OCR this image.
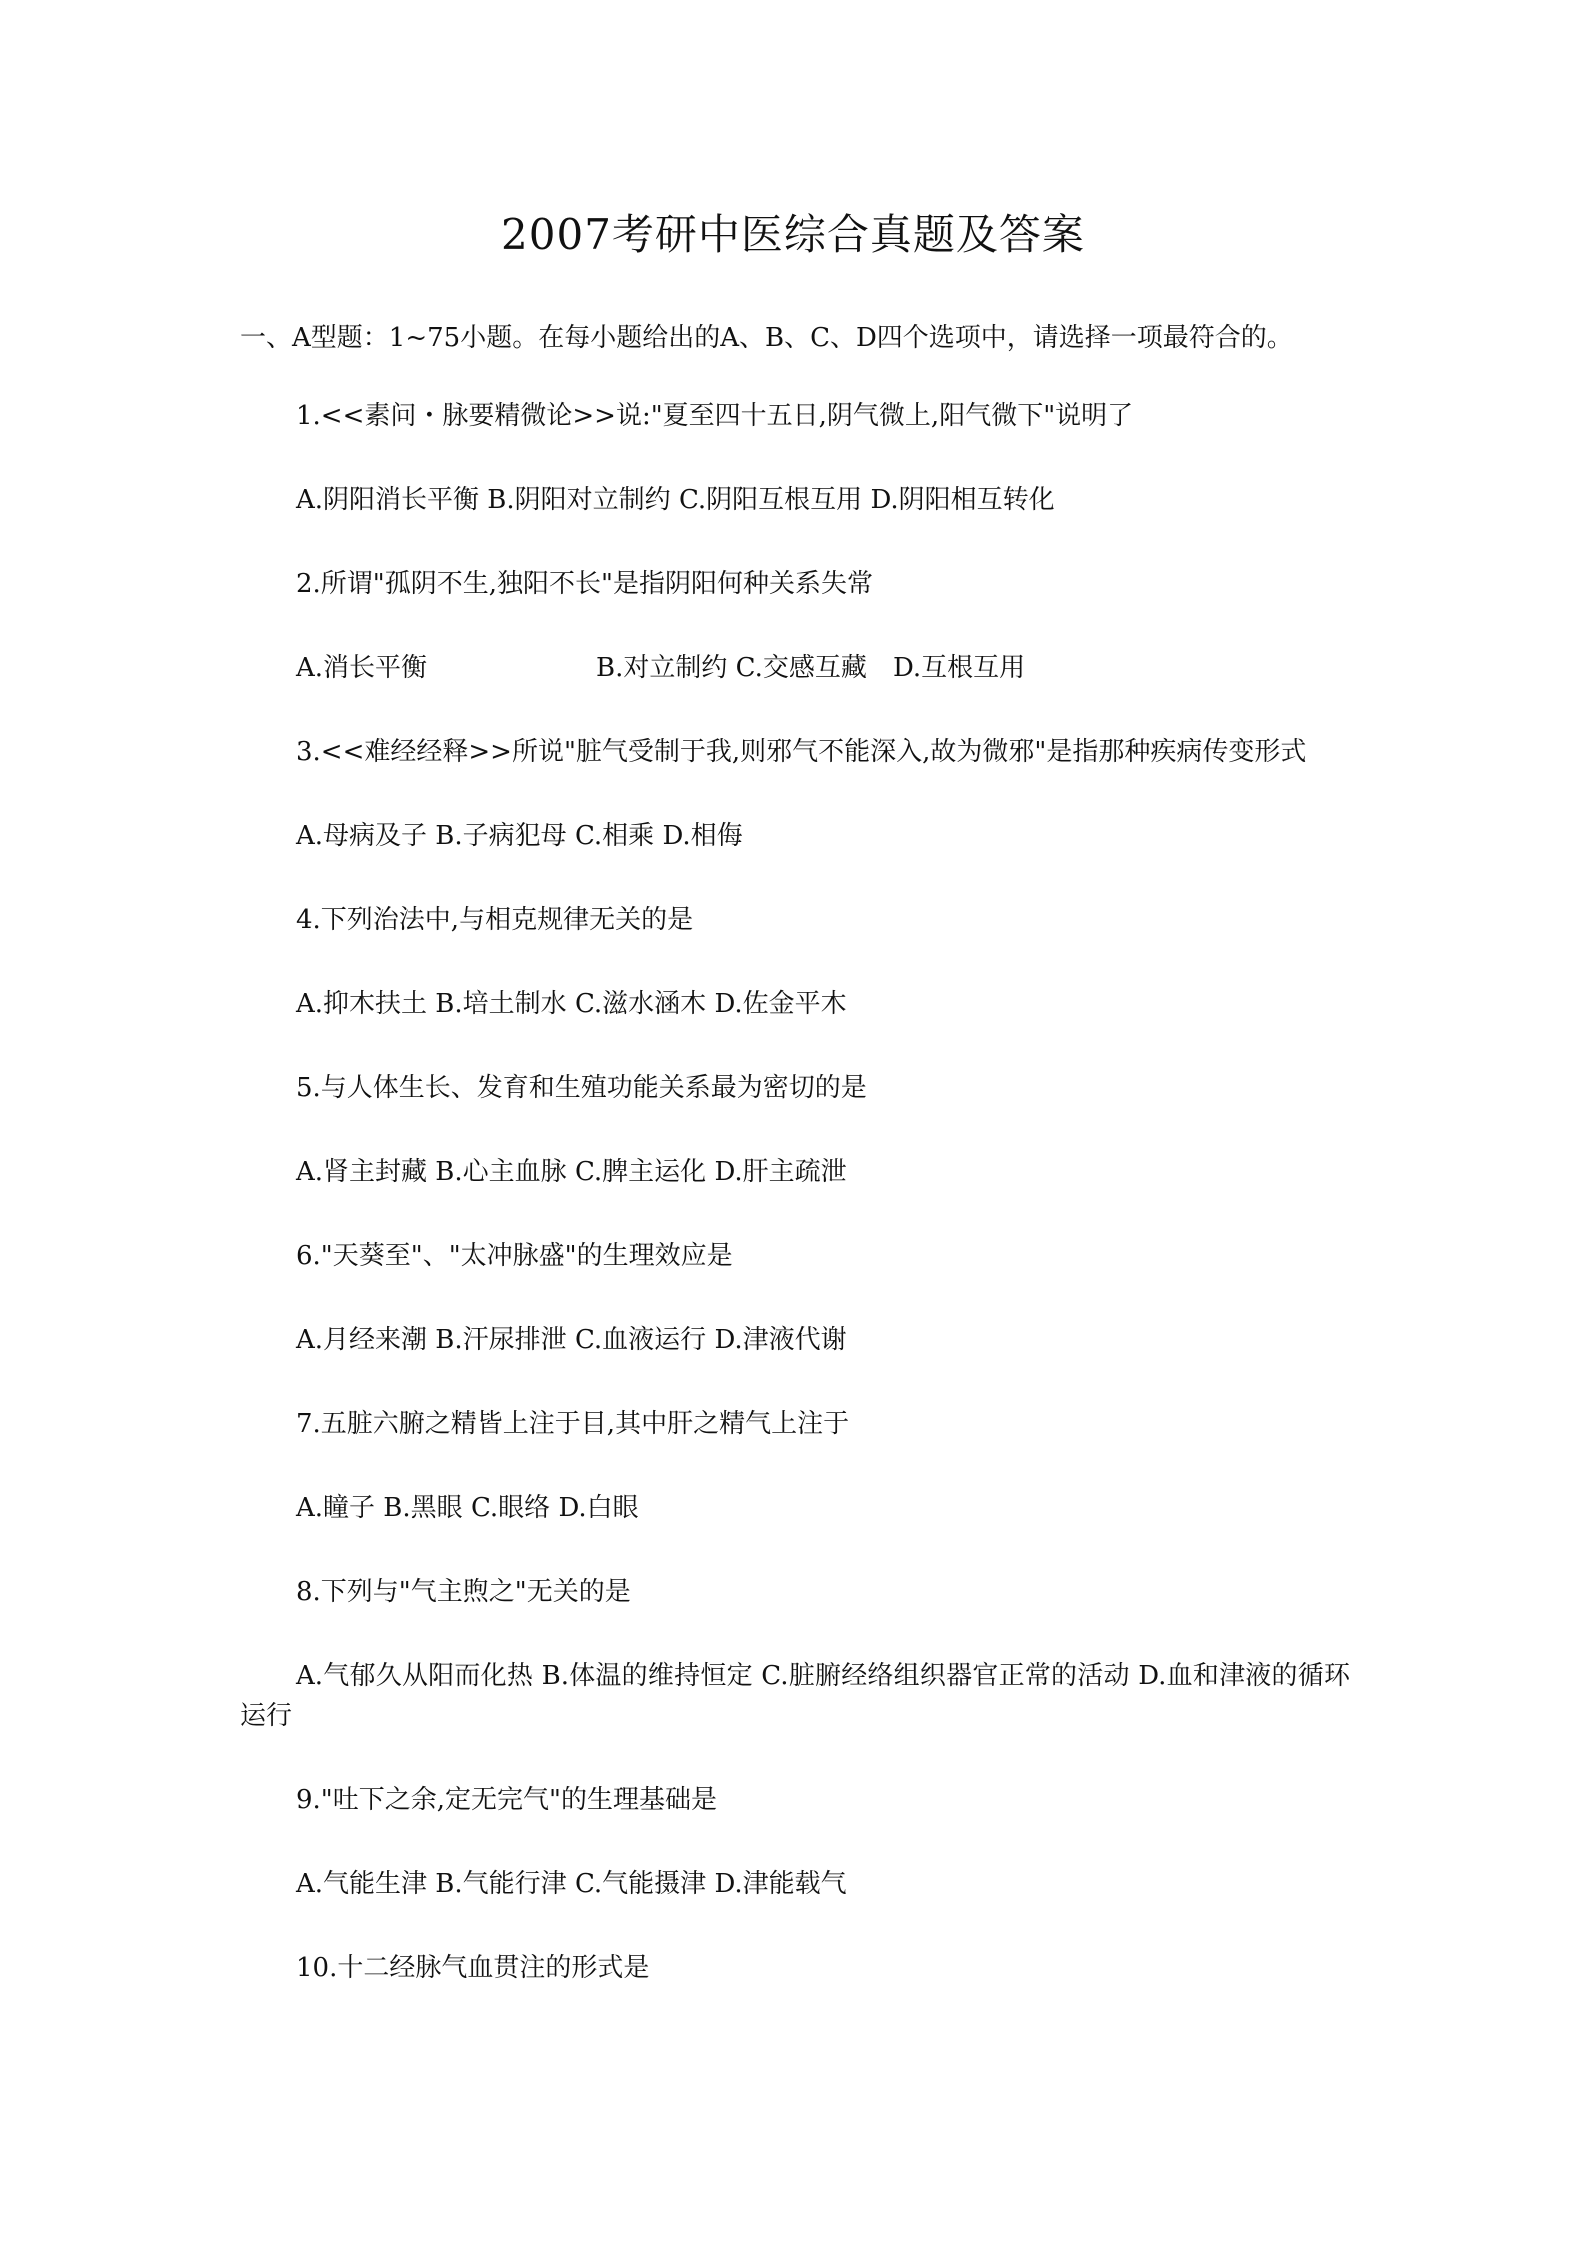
2007考研中医综合真题及答案
一、A型题：1~75小题。在每小题给出的A、B、C、D四个选项中，请选择一项最符合的。
1.<<素问・脉要精微论>>说:"夏至四十五日,阴气微上,阳气微下"说明了
A.阴阳消长平衡 B.阴阳对立制约 C.阴阳互根互用 D.阴阳相互转化
2.所谓"孤阴不生,独阳不长"是指阴阳何种关系失常
A.消长平衡	B.对立制约 C.交感互藏	D.互根互用
3.<<难经经释>>所说"脏气受制于我,则邪气不能深入,故为微邪"是指那种疾病传变形式
A.母病及子 B.子病犯母 C.相乘 D.相侮
4.下列治法中,与相克规律无关的是
A.抑木扶土 B.培土制水 C.滋水涵木 D.佐金平木
5.与人体生长、发育和生殖功能关系最为密切的是
A.肾主封藏 B.心主血脉 C.脾主运化 D.肝主疏泄
6."天葵至"、"太冲脉盛"的生理效应是
A.月经来潮 B.汗尿排泄 C.血液运行 D.津液代谢
7.五脏六腑之精皆上注于目,其中肝之精气上注于
A.瞳子 B.黑眼 C.眼络 D.白眼
8.下列与"气主煦之"无关的是
A.气郁久从阳而化热 B.体温的维持恒定 C.脏腑经络组织器官正常的活动 D.血和津液的循环运行
9."吐下之余,定无完气"的生理基础是
A.气能生津 B.气能行津 C.气能摄津 D.津能载气
10.十二经脉气血贯注的形式是
